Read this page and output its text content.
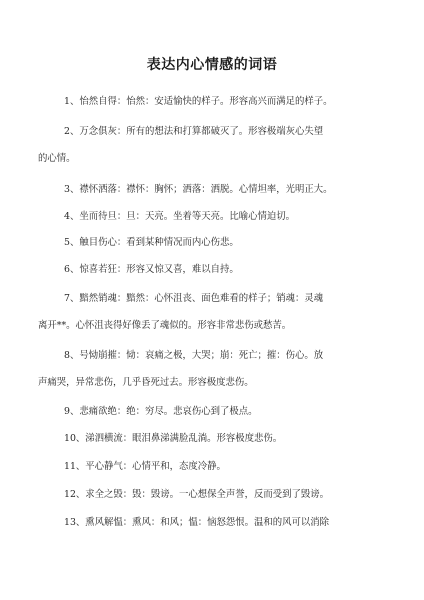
表达内心情感的词语
1、怡然自得：怡然：安适愉快的样子。形容高兴而满足的样子。
2、万念俱灰：所有的想法和打算都破灭了。形容极端灰心失望
的心情。
3、襟怀洒落：襟怀：胸怀；洒落：洒脱。心情坦率，光明正大。
4、坐而待旦：旦：天亮。坐着等天亮。比喻心情迫切。
5、触目伤心：看到某种情况而内心伤悲。
6、惊喜若狂：形容又惊又喜，难以自持。
7、黯然销魂：黯然：心怀沮丧、面色难看的样子；销魂：灵魂
离开**。心怀沮丧得好像丢了魂似的。形容非常悲伤或愁苦。
8、号恸崩摧：恸：哀痛之极，大哭；崩：死亡；摧：伤心。放
声痛哭，异常悲伤，几乎昏死过去。形容极度悲伤。
9、悲痛欲绝：绝：穷尽。悲哀伤心到了极点。
10、涕泗横流：眼泪鼻涕满脸乱淌。形容极度悲伤。
11、平心静气：心情平和，态度冷静。
12、求全之毁：毁：毁谤。一心想保全声誉，反而受到了毁谤。
13、熏风解愠：熏风：和风；愠：恼怒怨恨。温和的风可以消除
